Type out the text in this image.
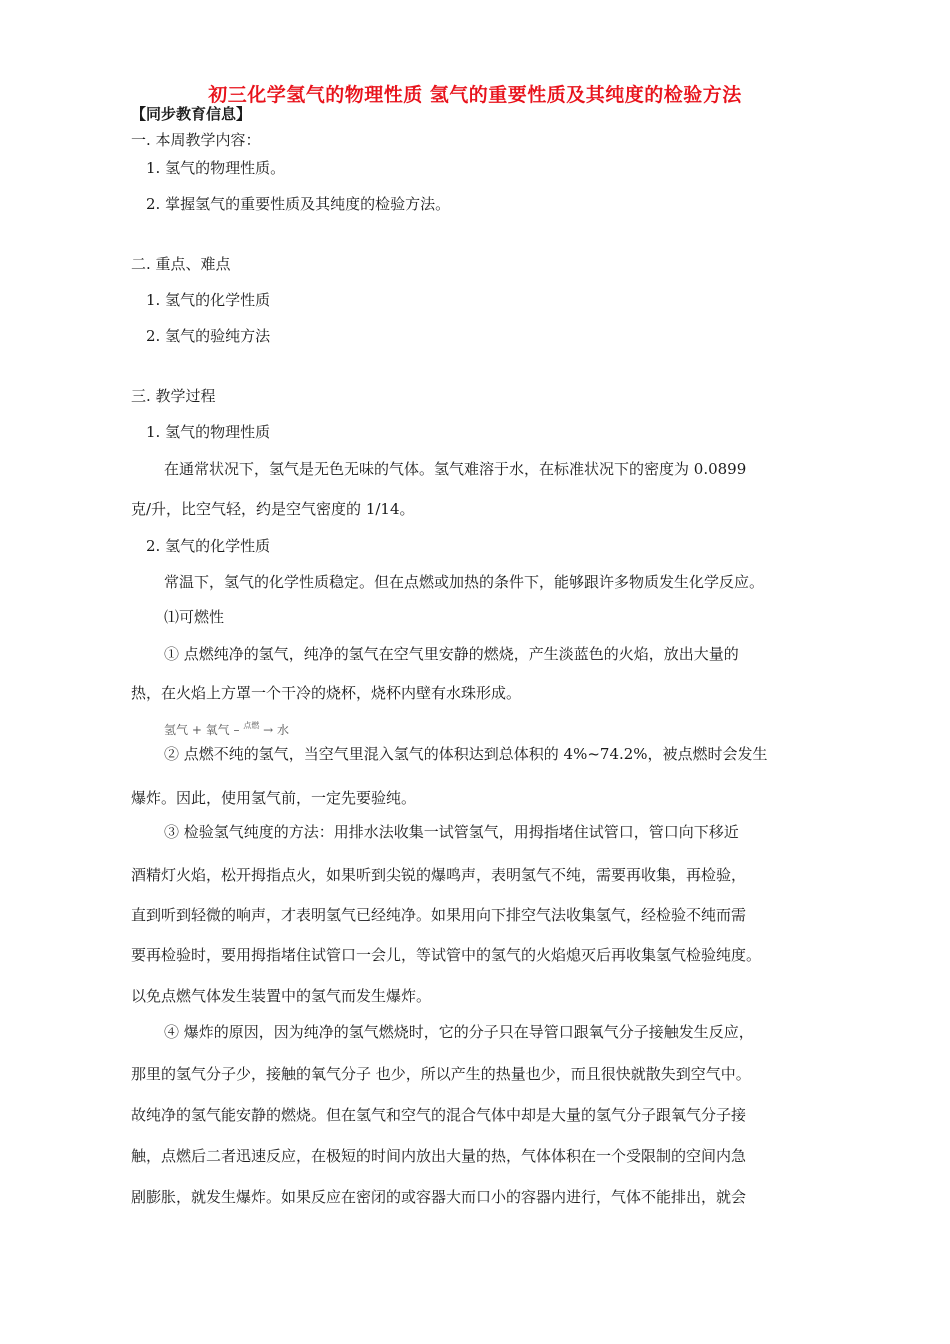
初三化学氢气的物理性质 氢气的重要性质及其纯度的检验方法
【同步教育信息】
一. 本周教学内容：
1. 氢气的物理性质。
2. 掌握氢气的重要性质及其纯度的检验方法。
二. 重点、难点
1. 氢气的化学性质
2. 氢气的验纯方法
三. 教学过程
1. 氢气的物理性质
在通常状况下，氢气是无色无味的气体。氢气难溶于水，在标准状况下的密度为 0.0899
克/升，比空气轻，约是空气密度的 1/14。
2. 氢气的化学性质
常温下，氢气的化学性质稳定。但在点燃或加热的条件下，能够跟许多物质发生化学反应。
⑴可燃性
① 点燃纯净的氢气，纯净的氢气在空气里安静的燃烧，产生淡蓝色的火焰，放出大量的
热，在火焰上方罩一个干冷的烧杯，烧杯内壁有水珠形成。
氢气 + 氧气 – $^{点燃}$ → 水
② 点燃不纯的氢气，当空气里混入氢气的体积达到总体积的 4%~74.2%，被点燃时会发生
爆炸。因此，使用氢气前，一定先要验纯。
③ 检验氢气纯度的方法：用排水法收集一试管氢气，用拇指堵住试管口，管口向下移近
酒精灯火焰，松开拇指点火，如果听到尖锐的爆鸣声，表明氢气不纯，需要再收集，再检验，
直到听到轻微的响声，才表明氢气已经纯净。如果用向下排空气法收集氢气，经检验不纯而需
要再检验时，要用拇指堵住试管口一会儿，等试管中的氢气的火焰熄灭后再收集氢气检验纯度。
以免点燃气体发生装置中的氢气而发生爆炸。
④ 爆炸的原因，因为纯净的氢气燃烧时，它的分子只在导管口跟氧气分子接触发生反应，
那里的氢气分子少，接触的氧气分子 也少，所以产生的热量也少，而且很快就散失到空气中。
故纯净的氢气能安静的燃烧。但在氢气和空气的混合气体中却是大量的氢气分子跟氧气分子接
触，点燃后二者迅速反应，在极短的时间内放出大量的热，气体体积在一个受限制的空间内急
剧膨胀，就发生爆炸。如果反应在密闭的或容器大而口小的容器内进行，气体不能排出，就会
